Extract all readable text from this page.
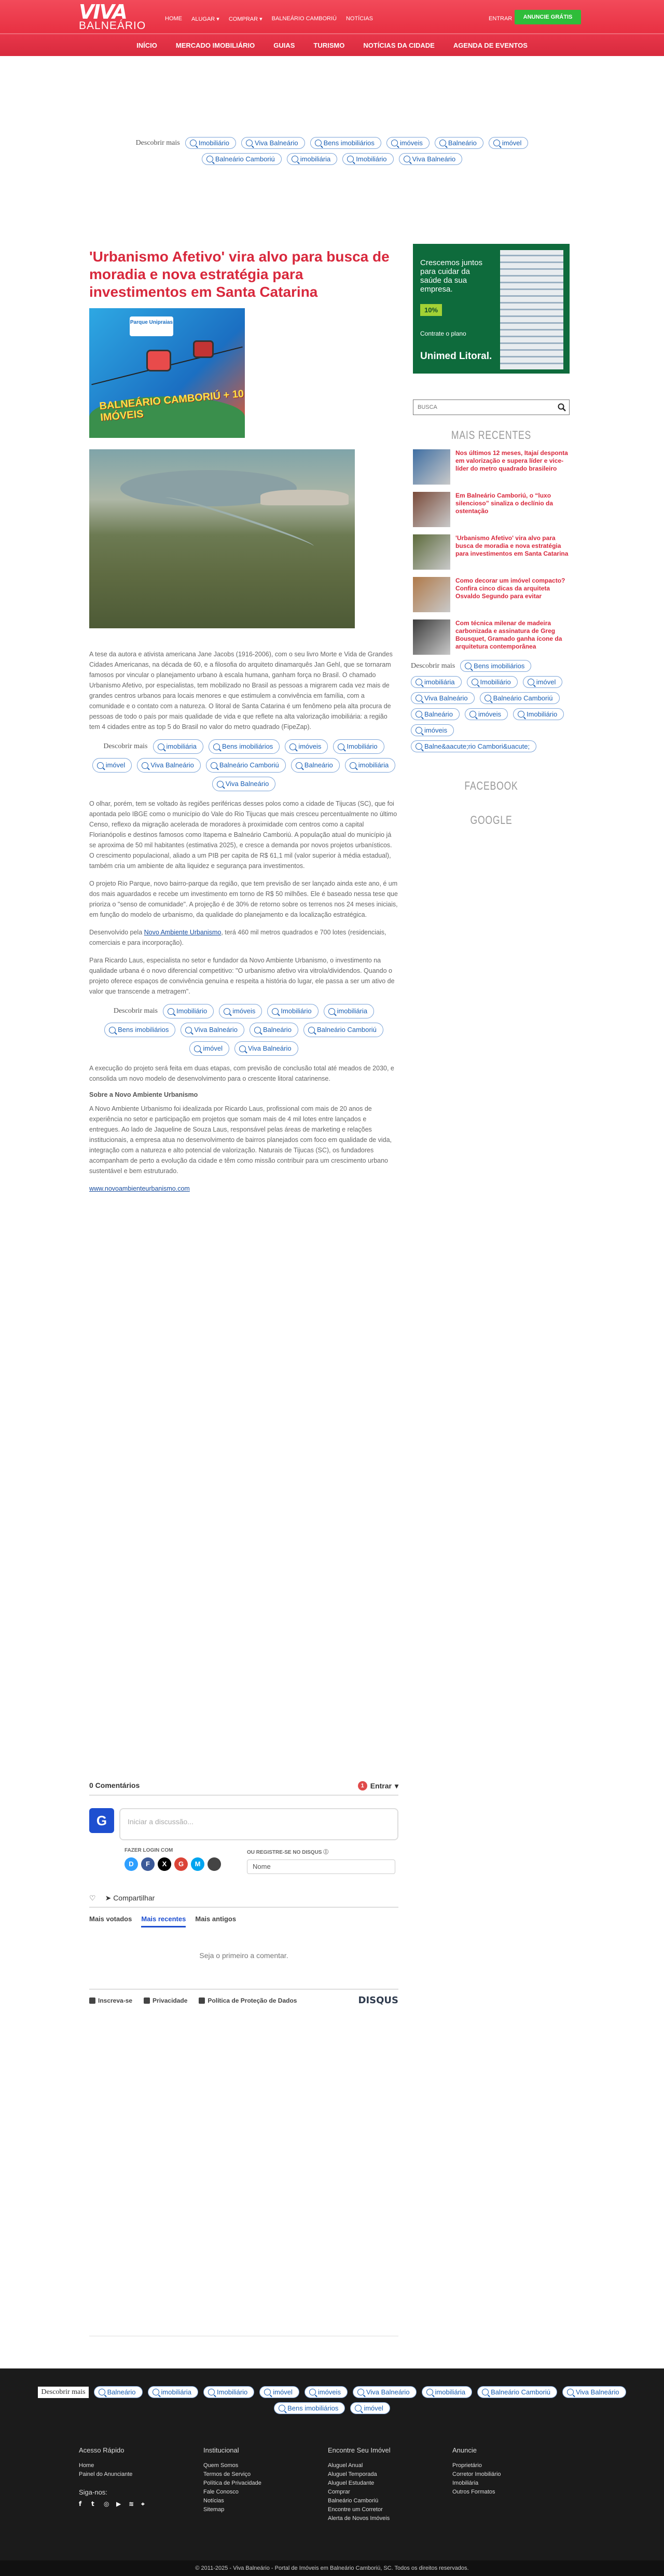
VIVA
BALNEÁRIO
HOME ALUGAR ▾ COMPRAR ▾ BALNEÁRIO CAMBORIÚ NOTÍCIAS	ENTRAR	ANUNCIE GRÁTIS
INÍCIO	MERCADO IMOBILIÁRIO	GUIAS	TURISMO	NOTÍCIAS DA CIDADE	AGENDA DE EVENTOS
Descobrir mais	Imobiliário	Viva Balneário	Bens imobiliários	imóveis	Balneário	imóvel
Balneário Camboriú	imobiliária	Imobiliário	Viva Balneário
'Urbanismo Afetivo' vira alvo para busca de moradia e nova estratégia para investimentos em Santa Catarina
Parque Unipraias
BALNEÁRIO CAMBORIÚ + 10 IMÓVEIS

A tese da autora e ativista americana Jane Jacobs (1916-2006), com o seu livro Morte e Vida de Grandes Cidades Americanas, na década de 60, e a filosofia do arquiteto dinamarquês Jan Gehl, que se tornaram famosos por vincular o planejamento urbano à escala humana, ganham força no Brasil. O chamado Urbanismo Afetivo, por especialistas, tem mobilizado no Brasil as pessoas a migrarem cada vez mais de grandes centros urbanos para locais menores e que estimulem a convivência em família, com a comunidade e o contato com a natureza. O litoral de Santa Catarina é um fenômeno pela alta procura de pessoas de todo o país por mais qualidade de vida e que reflete na alta valorização imobiliária: a região tem 4 cidades entre as top 5 do Brasil no valor do metro quadrado (FipeZap).

Descobrir mais	imobiliária	Bens imobiliários	imóveis	Imobiliário
imóvel	Viva Balneário	Balneário Camboriú	Balneário	imobiliária
Viva Balneário

O olhar, porém, tem se voltado às regiões periféricas desses polos como a cidade de Tijucas (SC), que foi apontada pelo IBGE como o município do Vale do Rio Tijucas que mais cresceu percentualmente no último Censo, reflexo da migração acelerada de moradores à proximidade com centros como a capital Florianópolis e destinos famosos como Itapema e Balneário Camboriú. A população atual do município já se aproxima de 50 mil habitantes (estimativa 2025), e cresce a demanda por novos projetos urbanísticos. O crescimento populacional, aliado a um PIB per capita de R$ 61,1 mil (valor superior à média estadual), também cria um ambiente de alta liquidez e segurança para investimentos.

O projeto Rio Parque, novo bairro-parque da região, que tem previsão de ser lançado ainda este ano, é um dos mais aguardados e recebe um investimento em torno de R$ 50 milhões. Ele é baseado nessa tese que prioriza o "senso de comunidade". A projeção é de 30% de retorno sobre os terrenos nos 24 meses iniciais, em função do modelo de urbanismo, da qualidade do planejamento e da localização estratégica.

Desenvolvido pela Novo Ambiente Urbanismo, terá 460 mil metros quadrados e 700 lotes (residenciais, comerciais e para incorporação).

Para Ricardo Laus, especialista no setor e fundador da Novo Ambiente Urbanismo, o investimento na qualidade urbana é o novo diferencial competitivo: "O urbanismo afetivo vira vitrola/dividendos. Quando o projeto oferece espaços de convivência genuína e respeita a história do lugar, ele passa a ser um ativo de valor que transcende a metragem".

Descobrir mais	Imobiliário	imóveis	Imobiliário	imobiliária
Bens imobiliários	Viva Balneário	Balneário	Balneário Camboriú
imóvel	Viva Balneário

A execução do projeto será feita em duas etapas, com previsão de conclusão total até meados de 2030, e consolida um novo modelo de desenvolvimento para o crescente litoral catarinense.

Sobre a Novo Ambiente Urbanismo

A Novo Ambiente Urbanismo foi idealizada por Ricardo Laus, profissional com mais de 20 anos de experiência no setor e participação em projetos que somam mais de 4 mil lotes entre lançados e entregues. Ao lado de Jaqueline de Souza Laus, responsável pelas áreas de marketing e relações institucionais, a empresa atua no desenvolvimento de bairros planejados com foco em qualidade de vida, integração com a natureza e alto potencial de valorização. Naturais de Tijucas (SC), os fundadores acompanham de perto a evolução da cidade e têm como missão contribuir para um crescimento urbano sustentável e bem estruturado.

www.novoambienteurbanismo.com

Crescemos juntos para cuidar da saúde da sua empresa.
10%
Contrate o plano
Unimed Litoral.
BUSCA
MAIS RECENTES
Nos últimos 12 meses, Itajaí desponta em valorização e supera líder e vice-líder do metro quadrado brasileiro
Em Balneário Camboriú, o “luxo silencioso” sinaliza o declínio da ostentação
'Urbanismo Afetivo' vira alvo para busca de moradia e nova estratégia para investimentos em Santa Catarina
Como decorar um imóvel compacto? Confira cinco dicas da arquiteta Osvaldo Segundo para evitar
Com técnica milenar de madeira carbonizada e assinatura de Greg Bousquet, Gramado ganha ícone da arquitetura contemporânea
Descobrir mais	Bens imobiliários
imobiliária	Imobiliário	imóvel
Viva Balneário	Balneário Camboriú
Balneário	imóveis	Imobiliário
imóveis
Balne&aacute;rio Cambori&uacute;
FACEBOOK
GOOGLE
0 Comentários	1 Entrar ▾
G	Iniciar a discussão...
FAZER LOGIN COM
D	F	X	G	M
OU REGISTRE-SE NO DISQUS Ⓘ
Nome
♡ ➤ Compartilhar
Mais votados Mais recentes Mais antigos
Seja o primeiro a comentar.
Inscreva-se	Privacidade	Política de Proteção de Dados	DISQUS
Descobrir mais	Balneário	imobiliária	Imobiliário	imóvel	imóveis	Viva Balneário	imobiliária	Balneário Camboriú	Viva Balneário
Bens imobiliários	imóvel
Acesso Rápido
Home
Painel do Anunciante
Siga-nos:
f	t	◎ ▶	≋	⌖
Institucional
Quem Somos
Termos de Serviço
Política de Privacidade
Fale Conosco
Notícias
Sitemap
Encontre Seu Imóvel
Aluguel Anual
Aluguel Temporada
Aluguel Estudante
Comprar
Balneário Camboriú
Encontre um Corretor
Alerta de Novos Imóveis
Anuncie
Proprietário
Corretor Imobiliário
Imobiliária
Outros Formatos
© 2011-2025 - Viva Balneário - Portal de Imóveis em Balneário Camboriú, SC. Todos os direitos reservados.
